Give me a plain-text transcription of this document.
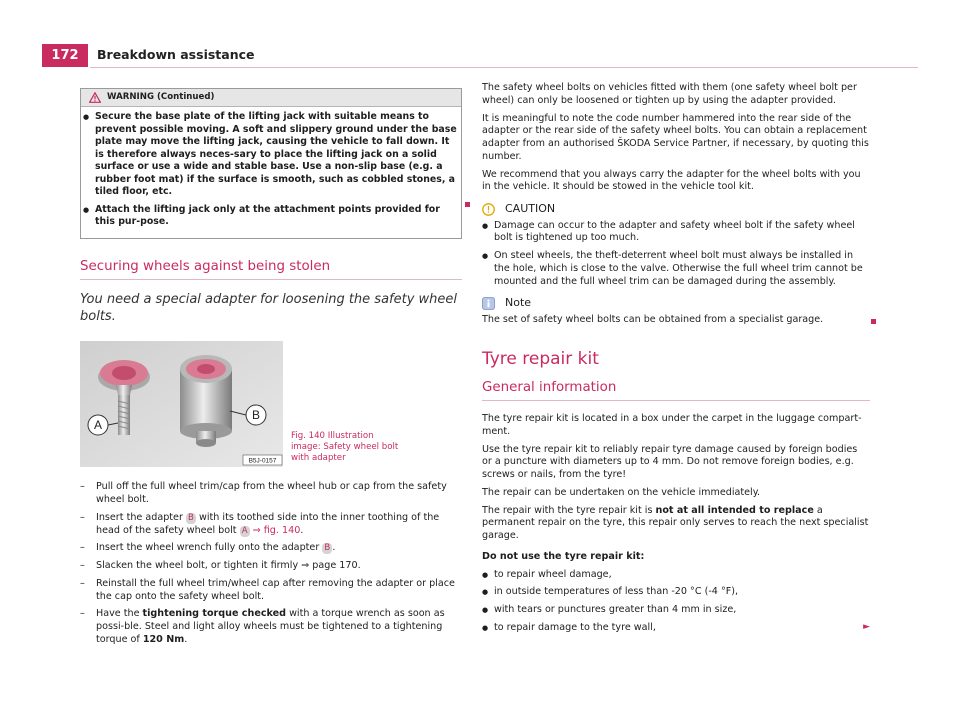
172	Breakdown assistance
WARNING (Continued)

● Secure the base plate of the lifting jack with suitable means to prevent possible moving. A soft and slippery ground under the base plate may move the lifting jack, causing the vehicle to fall down. It is therefore always neces-sary to place the lifting jack on a solid surface or use a wide and stable base. Use a non-slip base (e.g. a rubber foot mat) if the surface is smooth, such as cobbled stones, a tiled floor, etc.

● Attach the lifting jack only at the attachment points provided for this pur-pose.

Securing wheels against being stolen
You need a special adapter for loosening the safety wheel bolts.
A
B
B5J-0157
Fig. 140 Illustration image: Safety wheel bolt with adapter
– Pull off the full wheel trim/cap from the wheel hub or cap from the safety wheel bolt.
– Insert the adapter B with its toothed side into the inner toothing of the head of the safety wheel bolt A ⇒ fig. 140.
– Insert the wheel wrench fully onto the adapter B .
– Slacken the wheel bolt, or tighten it firmly ⇒ page 170.
– Reinstall the full wheel trim/wheel cap after removing the adapter or place the cap onto the safety wheel bolt.
– Have the tightening torque checked with a torque wrench as soon as possi-ble. Steel and light alloy wheels must be tightened to a tightening torque of 120 Nm.

The safety wheel bolts on vehicles fitted with them (one safety wheel bolt per wheel) can only be loosened or tighten up by using the adapter provided.

It is meaningful to note the code number hammered into the rear side of the adapter or the rear side of the safety wheel bolts. You can obtain a replacement adapter from an authorised ŠKODA Service Partner, if necessary, by quoting this number.

We recommend that you always carry the adapter for the wheel bolts with you in the vehicle. It should be stowed in the vehicle tool kit.

CAUTION

● Damage can occur to the adapter and safety wheel bolt if the safety wheel bolt is tightened up too much.

● On steel wheels, the theft-deterrent wheel bolt must always be installed in the hole, which is close to the valve. Otherwise the full wheel trim cannot be mounted and the full wheel trim can be damaged during the assembly.

Note

The set of safety wheel bolts can be obtained from a specialist garage.

Tyre repair kit
General information

The tyre repair kit is located in a box under the carpet in the luggage compart-ment.

Use the tyre repair kit to reliably repair tyre damage caused by foreign bodies or a puncture with diameters up to 4 mm. Do not remove foreign bodies, e.g. screws or nails, from the tyre!

The repair can be undertaken on the vehicle immediately.

The repair with the tyre repair kit is not at all intended to replace a permanent repair on the tyre, this repair only serves to reach the next specialist garage.

Do not use the tyre repair kit:

● to repair wheel damage,

● in outside temperatures of less than -20 °C (-4 °F),

● with tears or punctures greater than 4 mm in size,

● to repair damage to the tyre wall,	►
